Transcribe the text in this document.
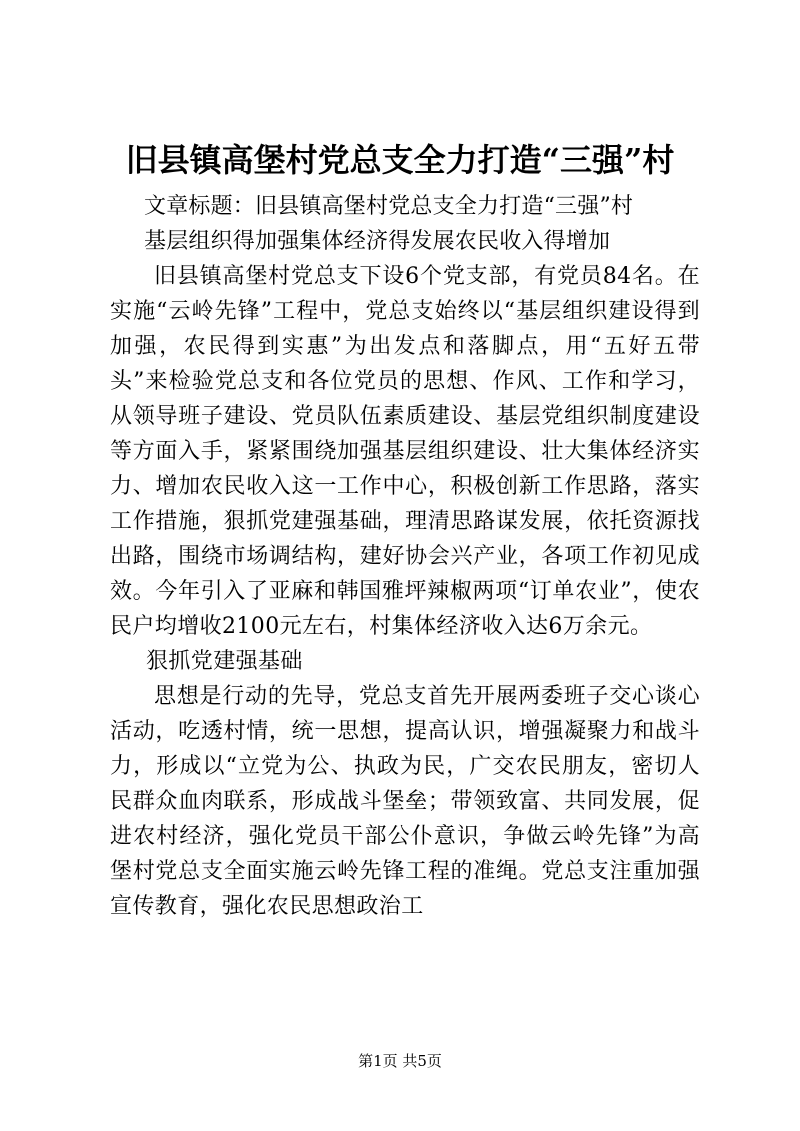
旧县镇高堡村党总支全力打造“三强”村

文章标题：旧县镇高堡村党总支全力打造“三强”村

基层组织得加强集体经济得发展农民收入得增加

旧县镇高堡村党总支下设6个党支部，有党员84名。在实施“云岭先锋”工程中，党总支始终以“基层组织建设得到加强，农民得到实惠”为出发点和落脚点，用“五好五带头”来检验党总支和各位党员的思想、作风、工作和学习，从领导班子建设、党员队伍素质建设、基层党组织制度建设等方面入手，紧紧围绕加强基层组织建设、壮大集体经济实力、增加农民收入这一工作中心，积极创新工作思路，落实工作措施，狠抓党建强基础，理清思路谋发展，依托资源找出路，围绕市场调结构，建好协会兴产业，各项工作初见成效。今年引入了亚麻和韩国雅坪辣椒两项“订单农业”，使农民户均增收2100元左右，村集体经济收入达6万余元。

狠抓党建强基础

思想是行动的先导，党总支首先开展两委班子交心谈心活动，吃透村情，统一思想，提高认识，增强凝聚力和战斗力，形成以“立党为公、执政为民，广交农民朋友，密切人民群众血肉联系，形成战斗堡垒；带领致富、共同发展，促进农村经济，强化党员干部公仆意识，争做云岭先锋”为高堡村党总支全面实施云岭先锋工程的准绳。党总支注重加强宣传教育，强化农民思想政治工

第1页 共5页
